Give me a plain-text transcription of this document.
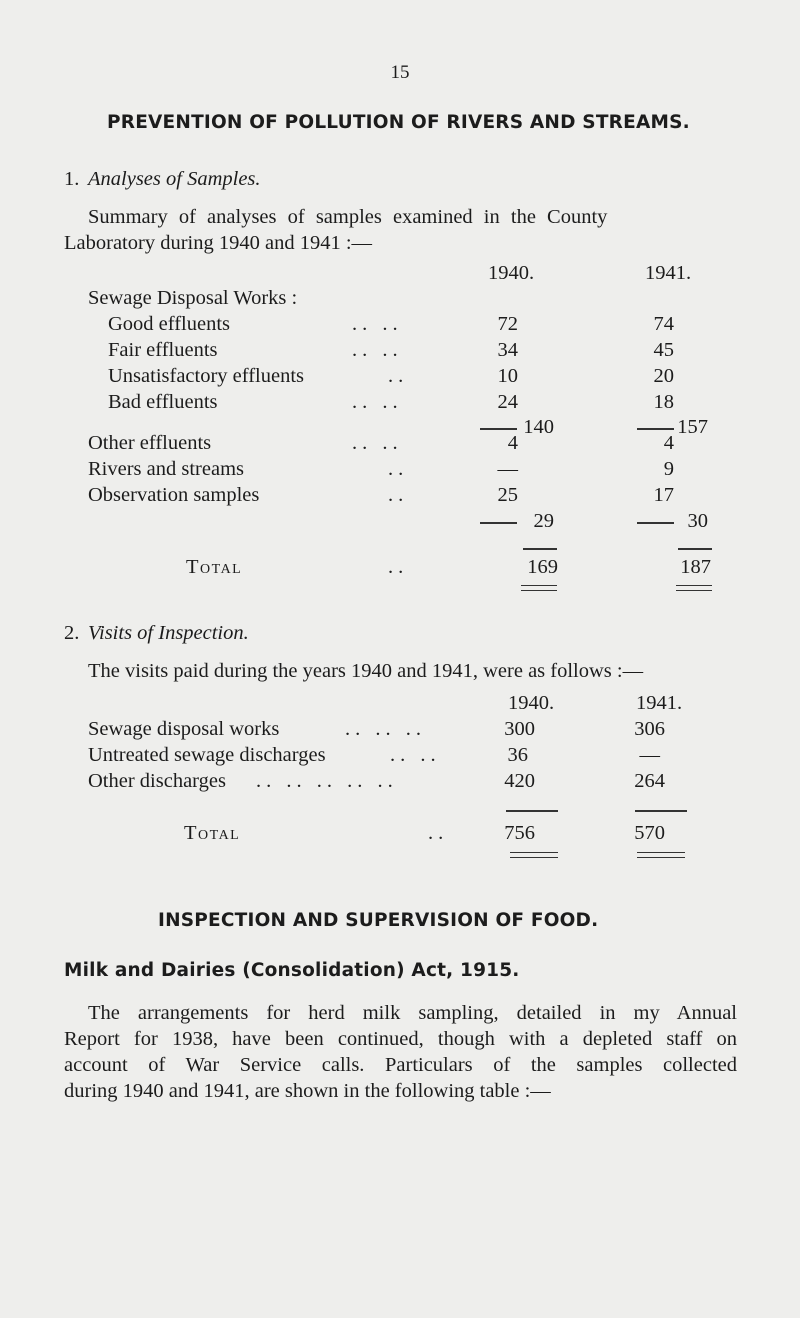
15
PREVENTION OF POLLUTION OF RIVERS AND STREAMS.
1. Analyses of Samples.
Summary of analyses of samples examined in the County
Laboratory during 1940 and 1941 :—
1940.	1941.
Sewage Disposal Works :
Good effluents	.. ..	72	74
Fair effluents	.. ..	34	45
Unsatisfactory effluents	..	10	20
Bad effluents	.. ..	24	18
140	157
Other effluents	.. ..	4	4
Rivers and streams	..	—	9
Observation samples	..	25	17
29	30
Total	..	169	187
2. Visits of Inspection.
The visits paid during the years 1940 and 1941, were as follows :—
1940.	1941.
Sewage disposal works	.. .. ..	300	306
Untreated sewage discharges	.. ..	36	—
Other discharges .. .. .. .. ..	420	264
Total	..	756	570
INSPECTION AND SUPERVISION OF FOOD.
Milk and Dairies (Consolidation) Act, 1915.
The arrangements for herd milk sampling, detailed in my Annual
Report for 1938, have been continued, though with a depleted staff on
account of War Service calls. Particulars of the samples collected
during 1940 and 1941, are shown in the following table :—
